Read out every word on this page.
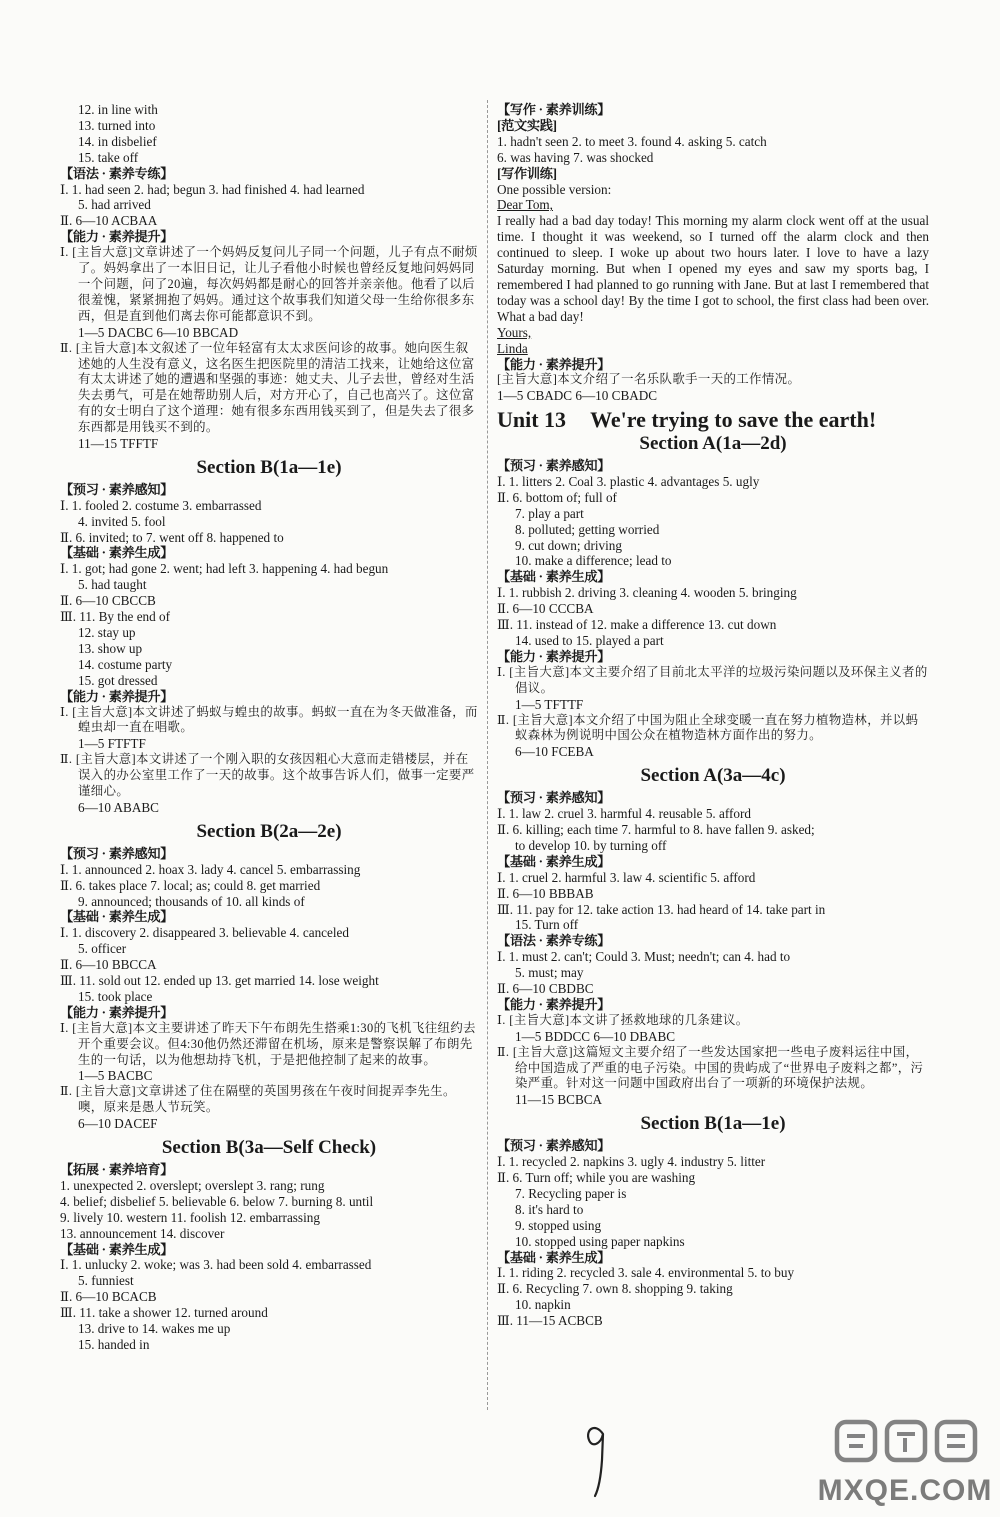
12. in line with
13. turned into
14. in disbelief
15. take off
【语法 · 素养专练】
Ⅰ. 1. had seen 2. had; begun 3. had finished 4. had learned
5. had arrived
Ⅱ. 6—10 ACBAA
【能力 · 素养提升】
Ⅰ. [主旨大意]文章讲述了一个妈妈反复问儿子同一个问题，儿子有点不耐烦了。妈妈拿出了一本旧日记，让儿子看他小时候也曾经反复地问妈妈同一个问题，问了20遍，每次妈妈都是耐心的回答并亲亲他。他看了以后很羞愧，紧紧拥抱了妈妈。通过这个故事我们知道父母一生给你很多东西，但是直到他们离去你可能都意识不到。
1—5 DACBC 6—10 BBCAD
Ⅱ. [主旨大意]本文叙述了一位年轻富有太太求医问诊的故事。她向医生叙述她的人生没有意义，这名医生把医院里的清洁工找来，让她给这位富有太太讲述了她的遭遇和坚强的事迹：她丈夫、儿子去世，曾经对生活失去勇气，可是在她帮助别人后，对方开心了，自己也高兴了。这位富有的女士明白了这个道理：她有很多东西用钱买到了，但是失去了很多东西都是用钱买不到的。
11—15 TFFTF
Section B(1a—1e)
【预习 · 素养感知】
Ⅰ. 1. fooled 2. costume 3. embarrassed
4. invited 5. fool
Ⅱ. 6. invited; to 7. went off 8. happened to
【基础 · 素养生成】
Ⅰ. 1. got; had gone 2. went; had left 3. happening 4. had begun
5. had taught
Ⅱ. 6—10 CBCCB
Ⅲ. 11. By the end of
12. stay up
13. show up
14. costume party
15. got dressed
【能力 · 素养提升】
Ⅰ. [主旨大意]本文讲述了蚂蚁与蝗虫的故事。蚂蚁一直在为冬天做准备，而蝗虫却一直在唱歌。
1—5 FTFTF
Ⅱ. [主旨大意]本文讲述了一个刚入职的女孩因粗心大意而走错楼层，并在误入的办公室里工作了一天的故事。这个故事告诉人们，做事一定要严谨细心。
6—10 ABABC
Section B(2a—2e)
【预习 · 素养感知】
Ⅰ. 1. announced 2. hoax 3. lady 4. cancel 5. embarrassing
Ⅱ. 6. takes place 7. local; as; could 8. get married
9. announced; thousands of 10. all kinds of
【基础 · 素养生成】
Ⅰ. 1. discovery 2. disappeared 3. believable 4. canceled
5. officer
Ⅱ. 6—10 BBCCA
Ⅲ. 11. sold out 12. ended up 13. get married 14. lose weight
15. took place
【能力 · 素养提升】
Ⅰ. [主旨大意]本文主要讲述了昨天下午布朗先生搭乘1:30的飞机飞往纽约去开个重要会议。但4:30他仍然还滞留在机场，原来是警察误解了布朗先生的一句话，以为他想劫持飞机，于是把他控制了起来的故事。
1—5 BACBC
Ⅱ. [主旨大意]文章讲述了住在隔壁的英国男孩在午夜时间捉弄李先生。噢，原来是愚人节玩笑。
6—10 DACEF
Section B(3a—Self Check)
【拓展 · 素养培育】
1. unexpected 2. overslept; overslept 3. rang; rung
4. belief; disbelief 5. believable 6. below 7. burning 8. until
9. lively 10. western 11. foolish 12. embarrassing
13. announcement 14. discover
【基础 · 素养生成】
Ⅰ. 1. unlucky 2. woke; was 3. had been sold 4. embarrassed
5. funniest
Ⅱ. 6—10 BCACB
Ⅲ. 11. take a shower 12. turned around
13. drive to 14. wakes me up
15. handed in
【写作 · 素养训练】
[范文实践]
1. hadn't seen 2. to meet 3. found 4. asking 5. catch
6. was having 7. was shocked
[写作训练]
One possible version:
Dear Tom,
I really had a bad day today! This morning my alarm clock went off at the usual time. I thought it was weekend, so I turned off the alarm clock and then continued to sleep. I woke up about two hours later. I love to have a lazy Saturday morning. But when I opened my eyes and saw my sports bag, I remembered I had planned to go running with Jane. But at last I remembered that today was a school day! By the time I got to school, the first class had been over. What a bad day!
Yours,
Linda
【能力 · 素养提升】
[主旨大意]本文介绍了一名乐队歌手一天的工作情况。
1—5 CBADC 6—10 CBADC
Unit 13 We're trying to save the earth!
Section A(1a—2d)
【预习 · 素养感知】
Ⅰ. 1. litters 2. Coal 3. plastic 4. advantages 5. ugly
Ⅱ. 6. bottom of; full of
7. play a part
8. polluted; getting worried
9. cut down; driving
10. make a difference; lead to
【基础 · 素养生成】
Ⅰ. 1. rubbish 2. driving 3. cleaning 4. wooden 5. bringing
Ⅱ. 6—10 CCCBA
Ⅲ. 11. instead of 12. make a difference 13. cut down
14. used to 15. played a part
【能力 · 素养提升】
Ⅰ. [主旨大意]本文主要介绍了目前北太平洋的垃圾污染问题以及环保主义者的倡议。
1—5 TFTTF
Ⅱ. [主旨大意]本文介绍了中国为阻止全球变暖一直在努力植物造林，并以蚂蚁森林为例说明中国公众在植物造林方面作出的努力。
6—10 FCEBA
Section A(3a—4c)
【预习 · 素养感知】
Ⅰ. 1. law 2. cruel 3. harmful 4. reusable 5. afford
Ⅱ. 6. killing; each time 7. harmful to 8. have fallen 9. asked;
to develop 10. by turning off
【基础 · 素养生成】
Ⅰ. 1. cruel 2. harmful 3. law 4. scientific 5. afford
Ⅱ. 6—10 BBBAB
Ⅲ. 11. pay for 12. take action 13. had heard of 14. take part in
15. Turn off
【语法 · 素养专练】
Ⅰ. 1. must 2. can't; Could 3. Must; needn't; can 4. had to
5. must; may
Ⅱ. 6—10 CBDBC
【能力 · 素养提升】
Ⅰ. [主旨大意]本文讲了拯救地球的几条建议。
1—5 BDDCC 6—10 DBABC
Ⅱ. [主旨大意]这篇短文主要介绍了一些发达国家把一些电子废料运往中国，给中国造成了严重的电子污染。中国的贵屿成了“世界电子废料之都”，污染严重。针对这一问题中国政府出台了一项新的环境保护法规。
11—15 BCBCA
Section B(1a—1e)
【预习 · 素养感知】
Ⅰ. 1. recycled 2. napkins 3. ugly 4. industry 5. litter
Ⅱ. 6. Turn off; while you are washing
7. Recycling paper is
8. it's hard to
9. stopped using
10. stopped using paper napkins
【基础 · 素养生成】
Ⅰ. 1. riding 2. recycled 3. sale 4. environmental 5. to buy
Ⅱ. 6. Recycling 7. own 8. shopping 9. taking
10. napkin
Ⅲ. 11—15 ACBCB
MXQE.COM
